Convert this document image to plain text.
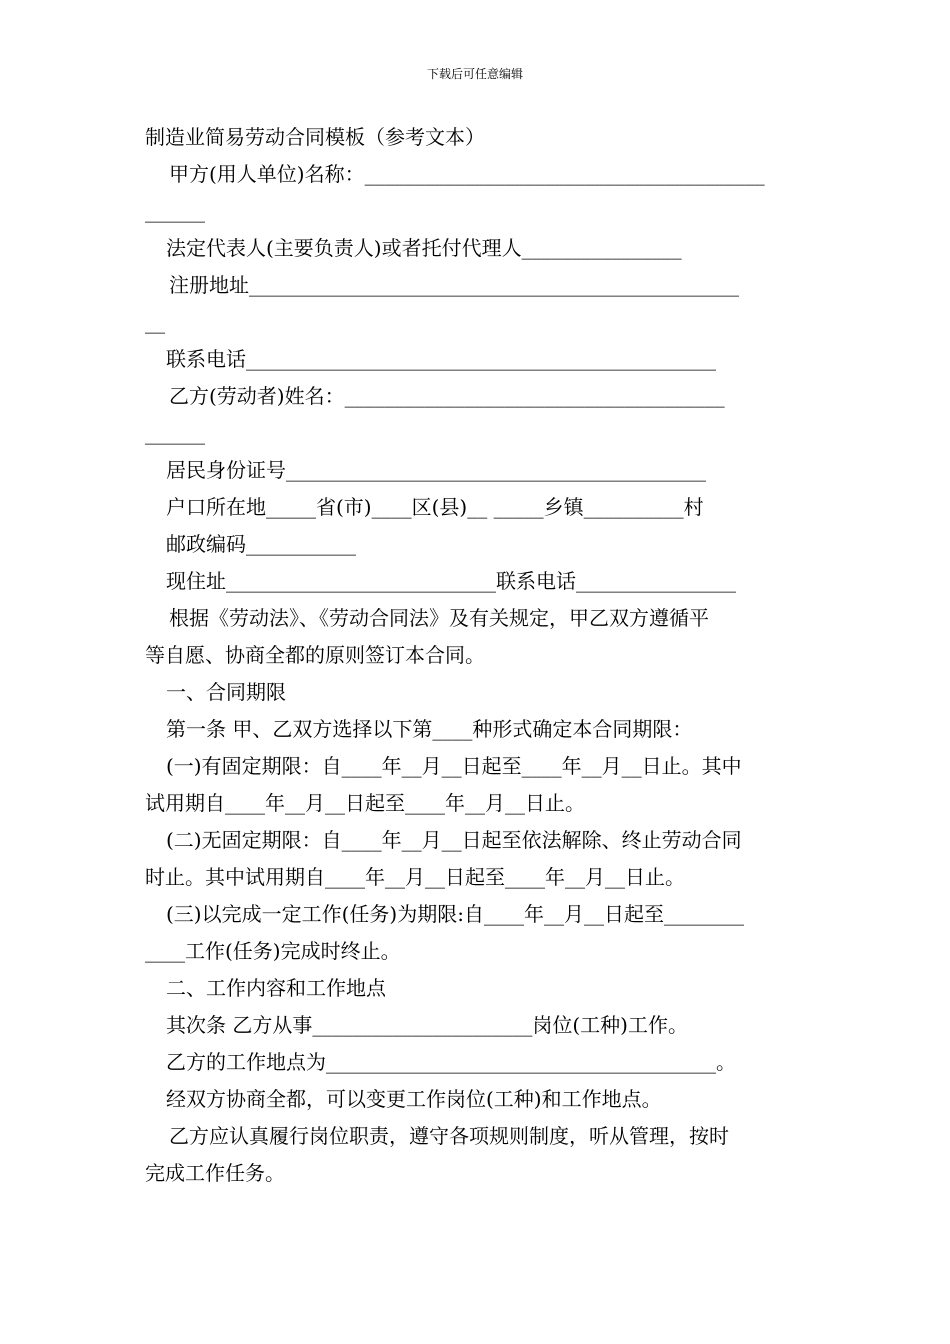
下载后可任意编辑
制造业简易劳动合同模板（参考文本）
甲方(用人单位)名称：________________________________________
______
法定代表人(主要负责人)或者托付代理人________________
注册地址_________________________________________________
__
联系电话_______________________________________________
乙方(劳动者)姓名：______________________________________
______
居民身份证号__________________________________________
户口所在地_____省(市)____区(县)__ _____乡镇__________村
邮政编码___________
现住址___________________________联系电话________________
根据《劳动法》、《劳动合同法》及有关规定，甲乙双方遵循平
等自愿、协商全都的原则签订本合同。
一、合同期限
第一条 甲、乙双方选择以下第____种形式确定本合同期限：
(一)有固定期限：自____年__月__日起至____年__月__日止。其中
试用期自____年__月__日起至____年__月__日止。
(二)无固定期限：自____年__月__日起至依法解除、终止劳动合同
时止。其中试用期自____年__月__日起至____年__月__日止。
(三)以完成一定工作(任务)为期限:自____年__月__日起至________
____工作(任务)完成时终止。
二、工作内容和工作地点
其次条 乙方从事______________________岗位(工种)工作。
乙方的工作地点为_______________________________________。
经双方协商全都，可以变更工作岗位(工种)和工作地点。
乙方应认真履行岗位职责，遵守各项规则制度，听从管理，按时
完成工作任务。
